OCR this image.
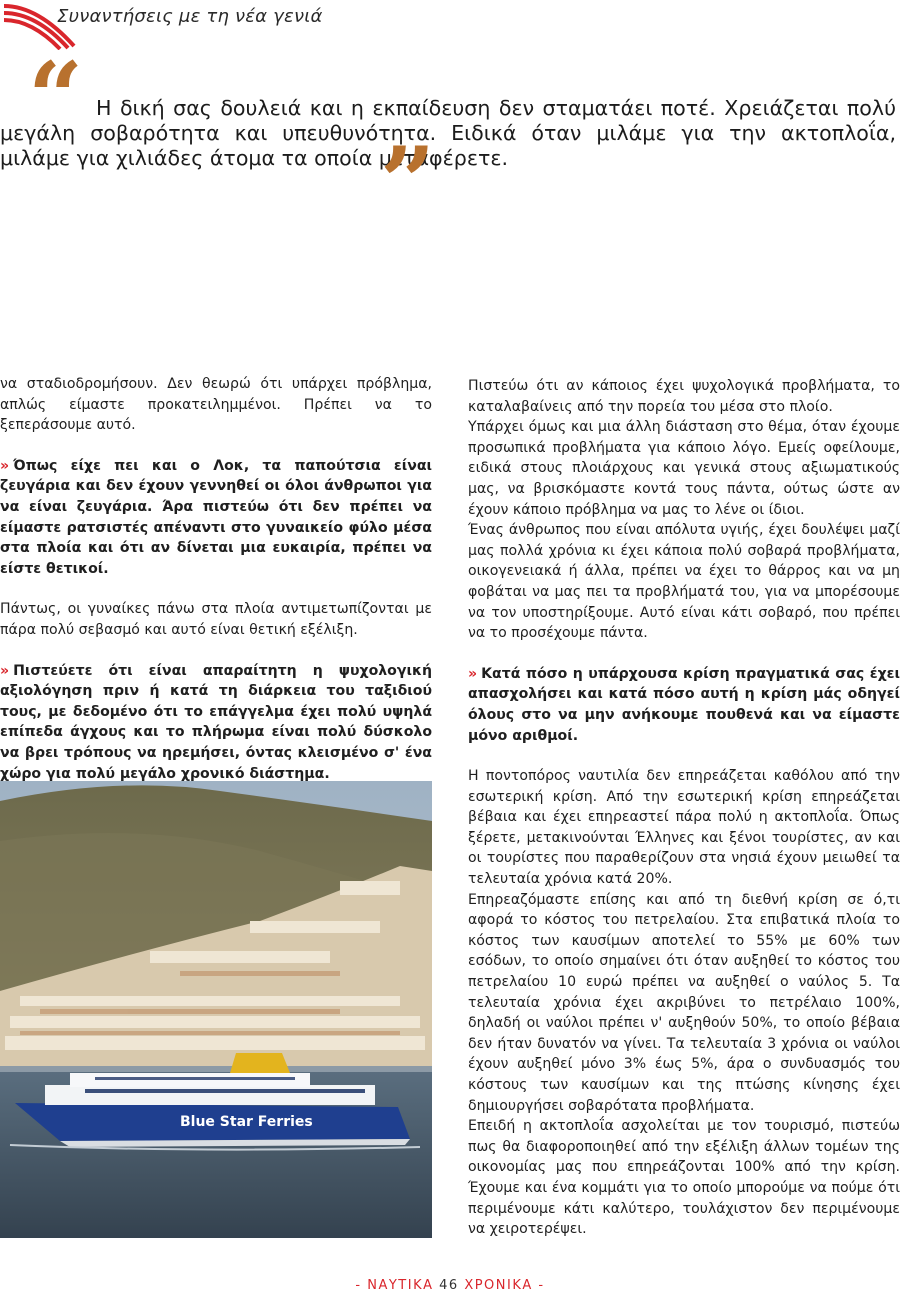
Συναντήσεις με τη νέα γενιά
“ Η δική σας δουλειά και η εκπαίδευση δεν σταματάει ποτέ. Χρειάζεται πολύ μεγάλη σοβαρότητα και υπευθυνότητα. Ειδικά όταν μιλάμε για την ακτοπλοΐα, μιλάμε για χιλιάδες άτομα τα οποία μεταφέρετε.
”

να σταδιοδρομήσουν. Δεν θεωρώ ότι υπάρχει πρόβλημα, απλώς είμαστε προκατειλημμένοι. Πρέπει να το ξεπεράσουμε αυτό.

» Όπως είχε πει και ο Λοκ, τα παπούτσια είναι ζευγάρια και δεν έχουν γεννηθεί οι όλοι άνθρωποι για να είναι ζευγάρια. Άρα πιστεύω ότι δεν πρέπει να είμαστε ρατσιστές απέναντι στο γυναικείο φύλο μέσα στα πλοία και ότι αν δίνεται μια ευκαιρία, πρέπει να είστε θετικοί.

Πάντως, οι γυναίκες πάνω στα πλοία αντιμετωπίζονται με πάρα πολύ σεβασμό και αυτό είναι θετική εξέλιξη.

» Πιστεύετε ότι είναι απαραίτητη η ψυχολογική αξιολόγηση πριν ή κατά τη διάρκεια του ταξιδιού τους, με δεδομένο ότι το επάγγελμα έχει πολύ υψηλά επίπεδα άγχους και το πλήρωμα είναι πολύ δύσκολο να βρει τρόπους να ηρεμήσει, όντας κλεισμένο σ' ένα χώρο για πολύ μεγάλο χρονικό διάστημα.

Blue Star Ferries

Πιστεύω ότι αν κάποιος έχει ψυχολογικά προβλήματα, το καταλαβαίνεις από την πορεία του μέσα στο πλοίο.

Υπάρχει όμως και μια άλλη διάσταση στο θέμα, όταν έχουμε προσωπικά προβλήματα για κάποιο λόγο. Εμείς οφείλουμε, ειδικά στους πλοιάρχους και γενικά στους αξιωματικούς μας, να βρισκόμαστε κοντά τους πάντα, ούτως ώστε αν έχουν κάποιο πρόβλημα να μας το λένε οι ίδιοι.

Ένας άνθρωπος που είναι απόλυτα υγιής, έχει δουλέψει μαζί μας πολλά χρόνια κι έχει κάποια πολύ σοβαρά προβλήματα, οικογενειακά ή άλλα, πρέπει να έχει το θάρρος και να μη φοβάται να μας πει τα προβλήματά του, για να μπορέσουμε να τον υποστηρίξουμε. Αυτό είναι κάτι σοβαρό, που πρέπει να το προσέχουμε πάντα.

» Κατά πόσο η υπάρχουσα κρίση πραγματικά σας έχει απασχολήσει και κατά πόσο αυτή η κρίση μάς οδηγεί όλους στο να μην ανήκουμε πουθενά και να είμαστε μόνο αριθμοί.

Η ποντοπόρος ναυτιλία δεν επηρεάζεται καθόλου από την εσωτερική κρίση. Από την εσωτερική κρίση επηρεάζεται βέβαια και έχει επηρεαστεί πάρα πολύ η ακτοπλοΐα. Όπως ξέρετε, μετακινούνται Έλληνες και ξένοι τουρίστες, αν και οι τουρίστες που παραθερίζουν στα νησιά έχουν μειωθεί τα τελευταία χρόνια κατά 20%.

Επηρεαζόμαστε επίσης και από τη διεθνή κρίση σε ό,τι αφορά το κόστος του πετρελαίου. Στα επιβατικά πλοία το κόστος των καυσίμων αποτελεί το 55% με 60% των εσόδων, το οποίο σημαίνει ότι όταν αυξηθεί το κόστος του πετρελαίου 10 ευρώ πρέπει να αυξηθεί ο ναύλος 5. Τα τελευταία χρόνια έχει ακριβύνει το πετρέλαιο 100%, δηλαδή οι ναύλοι πρέπει ν' αυξηθούν 50%, το οποίο βέβαια δεν ήταν δυνατόν να γίνει. Τα τελευταία 3 χρόνια οι ναύλοι έχουν αυξηθεί μόνο 3% έως 5%, άρα ο συνδυασμός του κόστους των καυσίμων και της πτώσης κίνησης έχει δημιουργήσει σοβαρότατα προβλήματα.

Επειδή η ακτοπλοΐα ασχολείται με τον τουρισμό, πιστεύω πως θα διαφοροποιηθεί από την εξέλιξη άλλων τομέων της οικονομίας μας που επηρεάζονται 100% από την κρίση. Έχουμε και ένα κομμάτι για το οποίο μπορούμε να πούμε ότι περιμένουμε κάτι καλύτερο, τουλάχιστον δεν περιμένουμε να χειροτερέψει.

- ΝΑΥΤΙΚΑ 46 ΧΡΟΝΙΚΑ -
